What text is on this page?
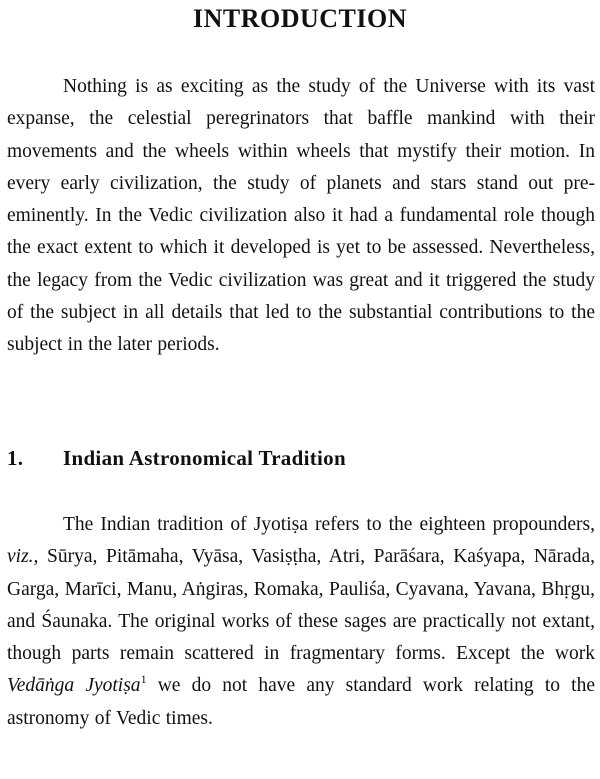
INTRODUCTION
Nothing is as exciting as the study of the Universe with its vast expanse, the celestial peregrinators that baffle mankind with their movements and the wheels within wheels that mystify their motion. In every early civilization, the study of planets and stars stand out pre-eminently. In the Vedic civilization also it had a fundamental role though the exact extent to which it developed is yet to be assessed. Nevertheless, the legacy from the Vedic civilization was great and it triggered the study of the subject in all details that led to the substantial contributions to the subject in the later periods.
1. Indian Astronomical Tradition
The Indian tradition of Jyotiṣa refers to the eighteen propounders, viz., Sūrya, Pitāmaha, Vyāsa, Vasiṣṭha, Atri, Parāśara, Kaśyapa, Nārada, Garga, Marīci, Manu, Aṅgiras, Romaka, Pauliśa, Cyavana, Yavana, Bhṛgu, and Śaunaka. The original works of these sages are practically not extant, though parts remain scattered in fragmentary forms. Except the work Vedāṅga Jyotiṣa$^1$ we do not have any standard work relating to the astronomy of Vedic times.
